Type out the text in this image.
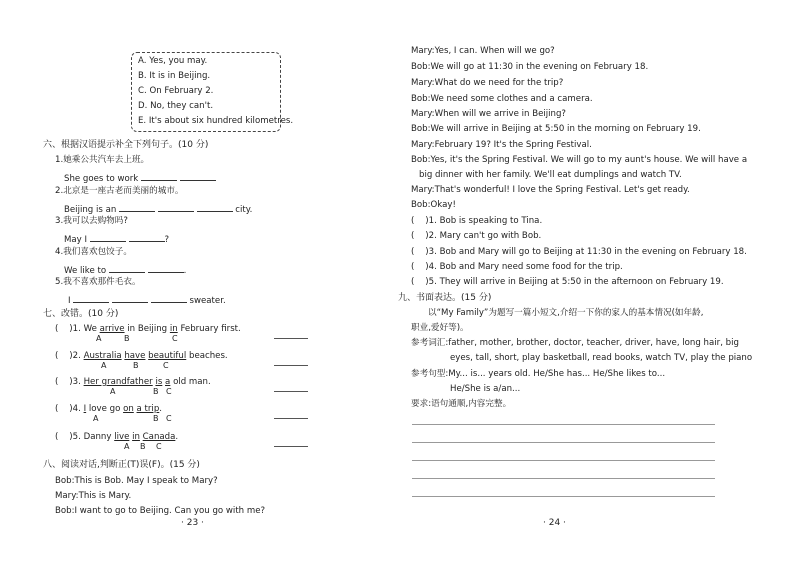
A. Yes, you may.
B. It is in Beijing.
C. On February 2.
D. No, they can't.
E. It's about six hundred kilometres.
六、根据汉语提示补全下列句子。(10 分)
1.她乘公共汽车去上班。
She goes to work
2.北京是一座古老而美丽的城市。
Beijing is an	city.
3.我可以去购物吗?
May I	?
4.我们喜欢包饺子。
We like to	.
5.我不喜欢那件毛衣。
I	sweater.
七、改错。(10 分)
( )1. We arrive in Beijing in February first.
A	B	C
( )2. Australia have beautiful beaches.
A	B	C
( )3. Her grandfather is a old man.
A	B C
( )4. I love go on a trip.
A	B C
( )5. Danny live in Canada.
A B C
八、阅读对话,判断正(T)误(F)。(15 分)
Bob:This is Bob. May I speak to Mary?
Mary:This is Mary.
Bob:I want to go to Beijing. Can you go with me?
· 23 ·
Mary:Yes, I can. When will we go?
Bob:We will go at 11:30 in the evening on February 18.
Mary:What do we need for the trip?
Bob:We need some clothes and a camera.
Mary:When will we arrive in Beijing?
Bob:We will arrive in Beijing at 5:50 in the morning on February 19.
Mary:February 19? It's the Spring Festival.
Bob:Yes, it's the Spring Festival. We will go to my aunt's house. We will have a
big dinner with her family. We'll eat dumplings and watch TV.
Mary:That's wonderful! I love the Spring Festival. Let's get ready.
Bob:Okay!
( )1. Bob is speaking to Tina.
( )2. Mary can't go with Bob.
( )3. Bob and Mary will go to Beijing at 11:30 in the evening on February 18.
( )4. Bob and Mary need some food for the trip.
( )5. They will arrive in Beijing at 5:50 in the afternoon on February 19.
九、书面表达。(15 分)
以“My Family”为题写一篇小短文,介绍一下你的家人的基本情况(如年龄,
职业,爱好等)。
参考词汇:father, mother, brother, doctor, teacher, driver, have, long hair, big
eyes, tall, short, play basketball, read books, watch TV, play the piano
参考句型:My... is... years old. He/She has... He/She likes to...
He/She is a/an...
要求:语句通顺,内容完整。
· 24 ·
